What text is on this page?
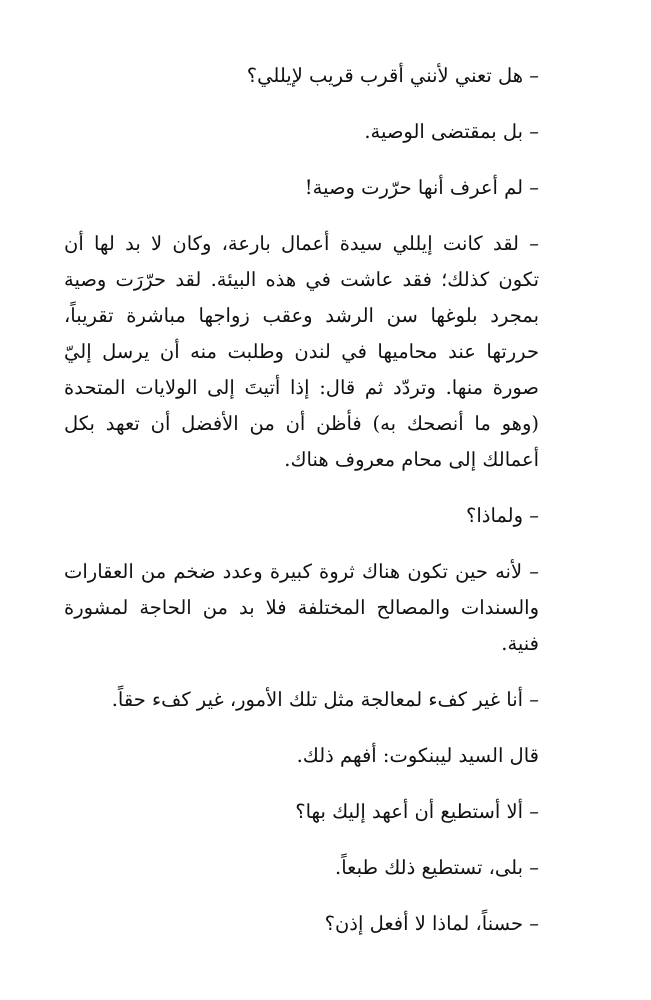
– هل تعني لأنني أقرب قريب لإيللي؟

– بل بمقتضى الوصية.

– لم أعرف أنها حرّرت وصية!

– لقد كانت إيللي سيدة أعمال بارعة، وكان لا بد لها أن تكون كذلك؛ فقد عاشت في هذه البيئة. لقد حرّرَت وصية بمجرد بلوغها سن الرشد وعقب زواجها مباشرة تقريباً، حررتها عند محاميها في لندن وطلبت منه أن يرسل إليّ صورة منها. وتردّد ثم قال: إذا أتيتَ إلى الولايات المتحدة (وهو ما أنصحك به) فأظن أن من الأفضل أن تعهد بكل أعمالك إلى محام معروف هناك.

– ولماذا؟

– لأنه حين تكون هناك ثروة كبيرة وعدد ضخم من العقارات والسندات والمصالح المختلفة فلا بد من الحاجة لمشورة فنية.

– أنا غير كفء لمعالجة مثل تلك الأمور، غير كفء حقاً.

قال السيد ليبنكوت: أفهم ذلك.

– ألا أستطيع أن أعهد إليك بها؟

– بلى، تستطيع ذلك طبعاً.

– حسناً، لماذا لا أفعل إذن؟
